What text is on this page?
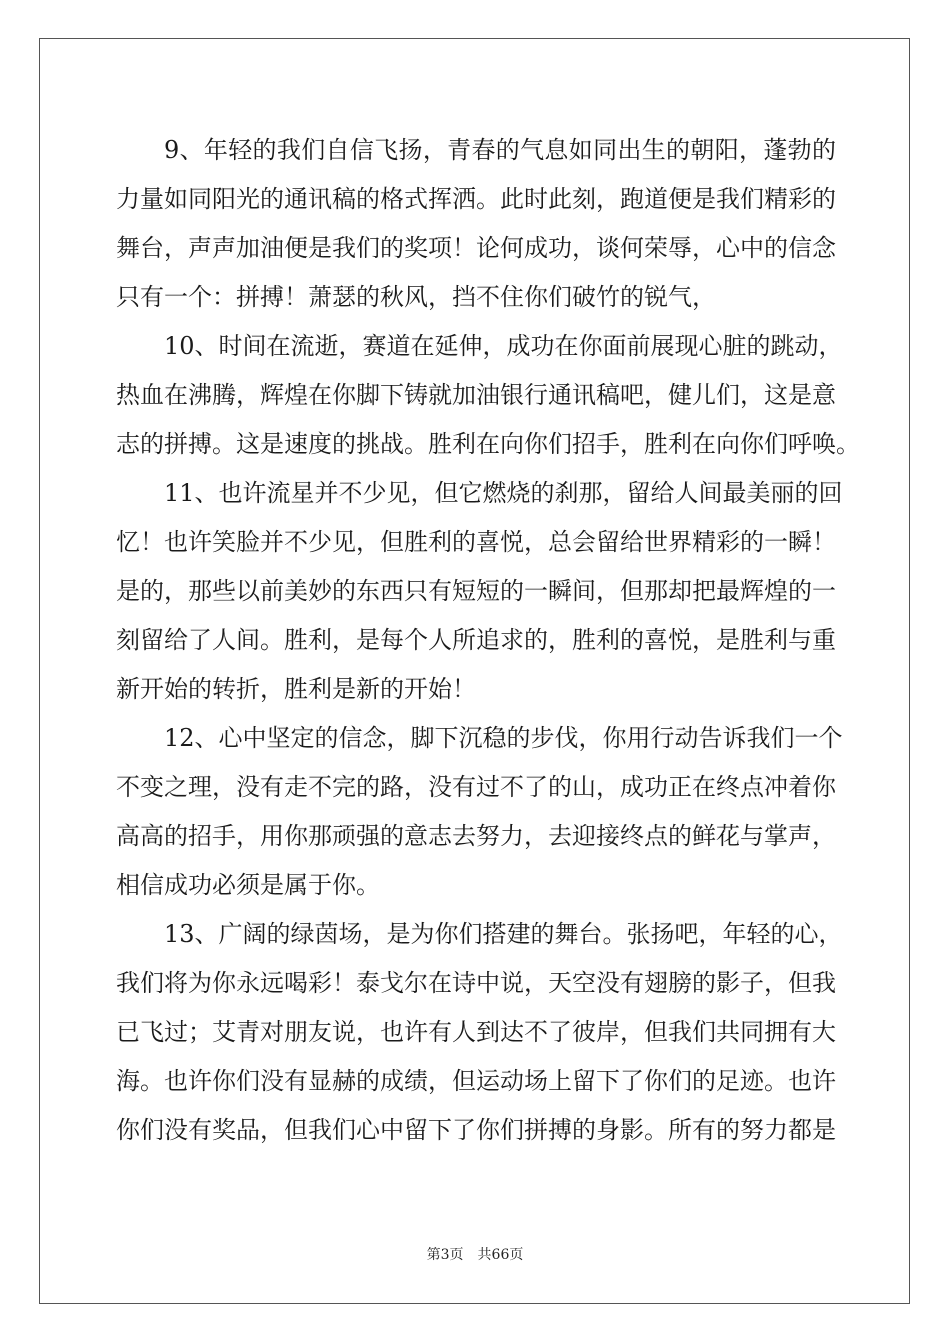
9、年轻的我们自信飞扬，青春的气息如同出生的朝阳，蓬勃的
力量如同阳光的通讯稿的格式挥洒。此时此刻，跑道便是我们精彩的
舞台，声声加油便是我们的奖项！论何成功，谈何荣辱，心中的信念
只有一个：拼搏！萧瑟的秋风，挡不住你们破竹的锐气，
10、时间在流逝，赛道在延伸，成功在你面前展现心脏的跳动，
热血在沸腾，辉煌在你脚下铸就加油银行通讯稿吧，健儿们，这是意
志的拼搏。这是速度的挑战。胜利在向你们招手，胜利在向你们呼唤。
11、也许流星并不少见，但它燃烧的刹那，留给人间最美丽的回
忆！也许笑脸并不少见，但胜利的喜悦，总会留给世界精彩的一瞬！
是的，那些以前美妙的东西只有短短的一瞬间，但那却把最辉煌的一
刻留给了人间。胜利，是每个人所追求的，胜利的喜悦，是胜利与重
新开始的转折，胜利是新的开始！
12、心中坚定的信念，脚下沉稳的步伐，你用行动告诉我们一个
不变之理，没有走不完的路，没有过不了的山，成功正在终点冲着你
高高的招手，用你那顽强的意志去努力，去迎接终点的鲜花与掌声，
相信成功必须是属于你。
13、广阔的绿茵场，是为你们搭建的舞台。张扬吧，年轻的心，
我们将为你永远喝彩！泰戈尔在诗中说，天空没有翅膀的影子，但我
已飞过；艾青对朋友说，也许有人到达不了彼岸，但我们共同拥有大
海。也许你们没有显赫的成绩，但运动场上留下了你们的足迹。也许
你们没有奖品，但我们心中留下了你们拼搏的身影。所有的努力都是
第3页 共66页
